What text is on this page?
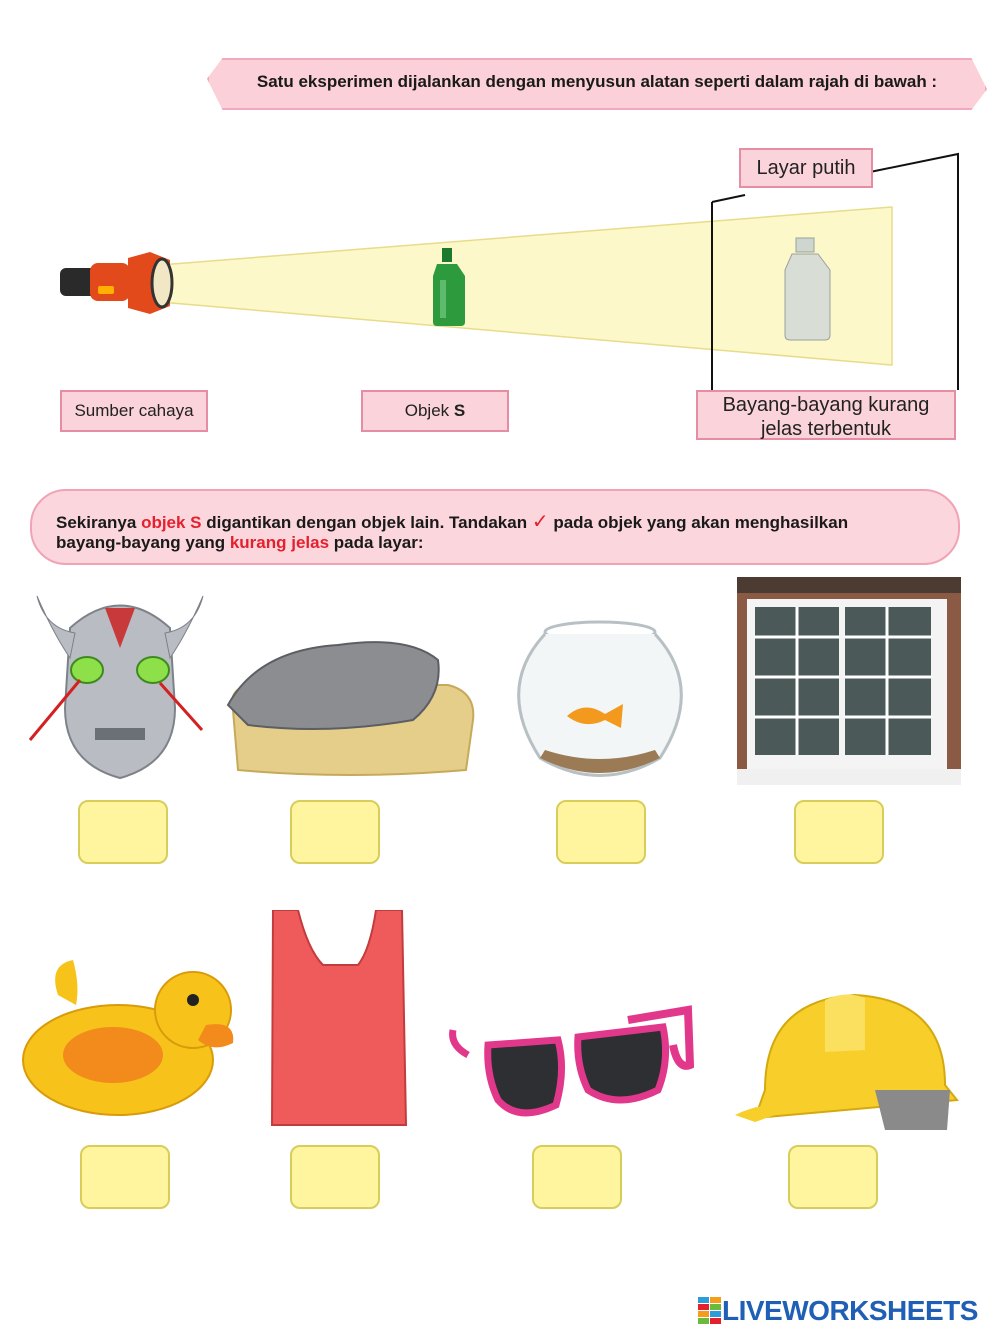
Satu eksperimen dijalankan dengan menyusun alatan seperti dalam rajah di bawah :
Layar putih
Sumber cahaya	Objek S	Bayang-bayang kurang
jelas terbentuk
Sekiranya objek S digantikan dengan objek lain. Tandakan ✓ pada objek yang akan menghasilkan
bayang-bayang yang kurang jelas pada layar:
LIVEWORKSHEETS
